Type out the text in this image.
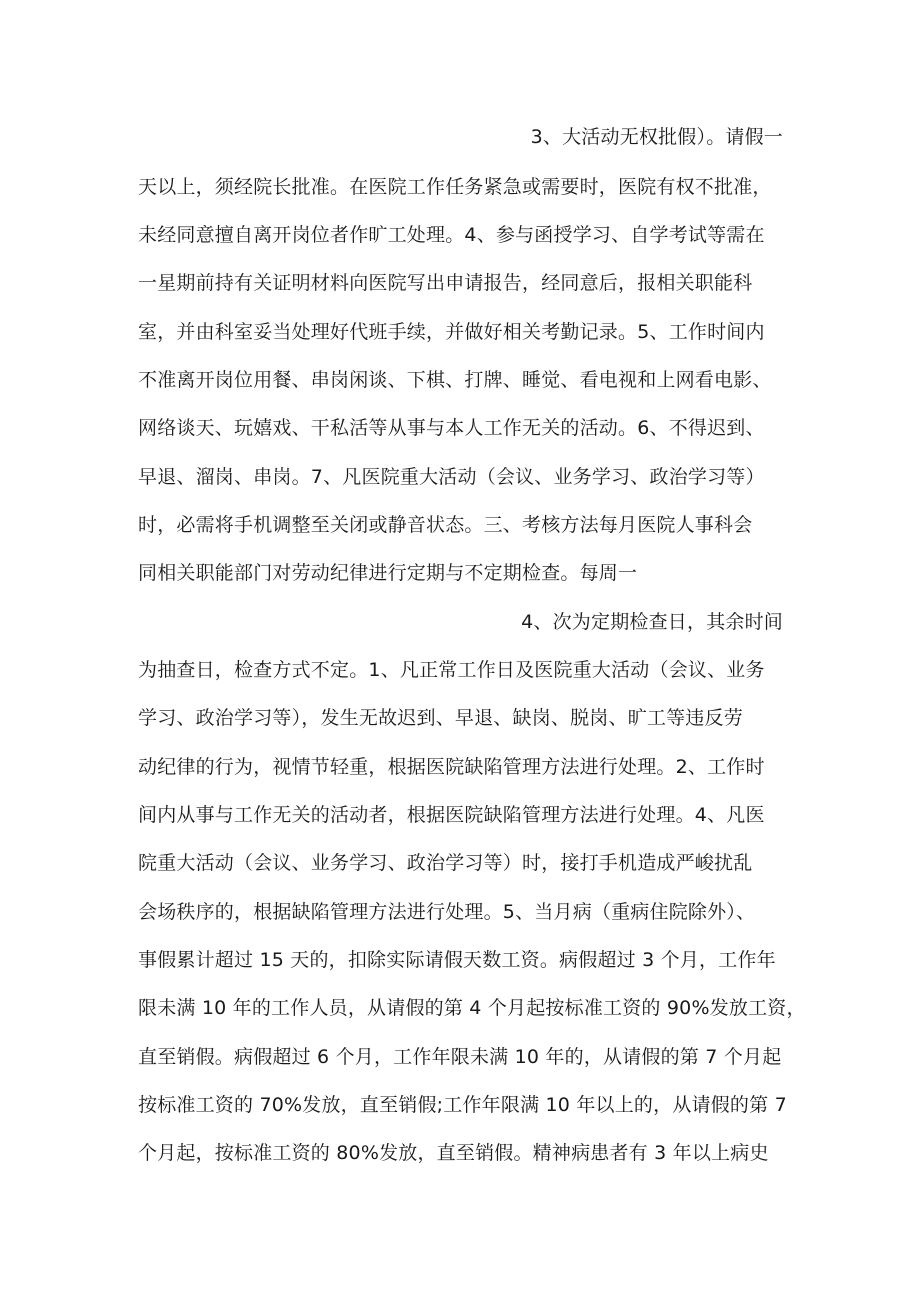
3、大活动无权批假）。请假一
天以上，须经院长批准。在医院工作任务紧急或需要时，医院有权不批准，
未经同意擅自离开岗位者作旷工处理。4、参与函授学习、自学考试等需在
一星期前持有关证明材料向医院写出申请报告，经同意后，报相关职能科
室，并由科室妥当处理好代班手续，并做好相关考勤记录。5、工作时间内
不准离开岗位用餐、串岗闲谈、下棋、打牌、睡觉、看电视和上网看电影、
网络谈天、玩嬉戏、干私活等从事与本人工作无关的活动。6、不得迟到、
早退、溜岗、串岗。7、凡医院重大活动（会议、业务学习、政治学习等）
时，必需将手机调整至关闭或静音状态。三、考核方法每月医院人事科会
同相关职能部门对劳动纪律进行定期与不定期检查。每周一
4、次为定期检查日，其余时间
为抽查日，检查方式不定。1、凡正常工作日及医院重大活动（会议、业务
学习、政治学习等），发生无故迟到、早退、缺岗、脱岗、旷工等违反劳
动纪律的行为，视情节轻重，根据医院缺陷管理方法进行处理。2、工作时
间内从事与工作无关的活动者，根据医院缺陷管理方法进行处理。4、凡医
院重大活动（会议、业务学习、政治学习等）时，接打手机造成严峻扰乱
会场秩序的，根据缺陷管理方法进行处理。5、当月病（重病住院除外）、
事假累计超过 15 天的，扣除实际请假天数工资。病假超过 3 个月，工作年
限未满 10 年的工作人员，从请假的第 4 个月起按标准工资的 90%发放工资，
直至销假。病假超过 6 个月，工作年限未满 10 年的，从请假的第 7 个月起
按标准工资的 70%发放，直至销假;工作年限满 10 年以上的，从请假的第 7
个月起，按标准工资的 80%发放，直至销假。精神病患者有 3 年以上病史
